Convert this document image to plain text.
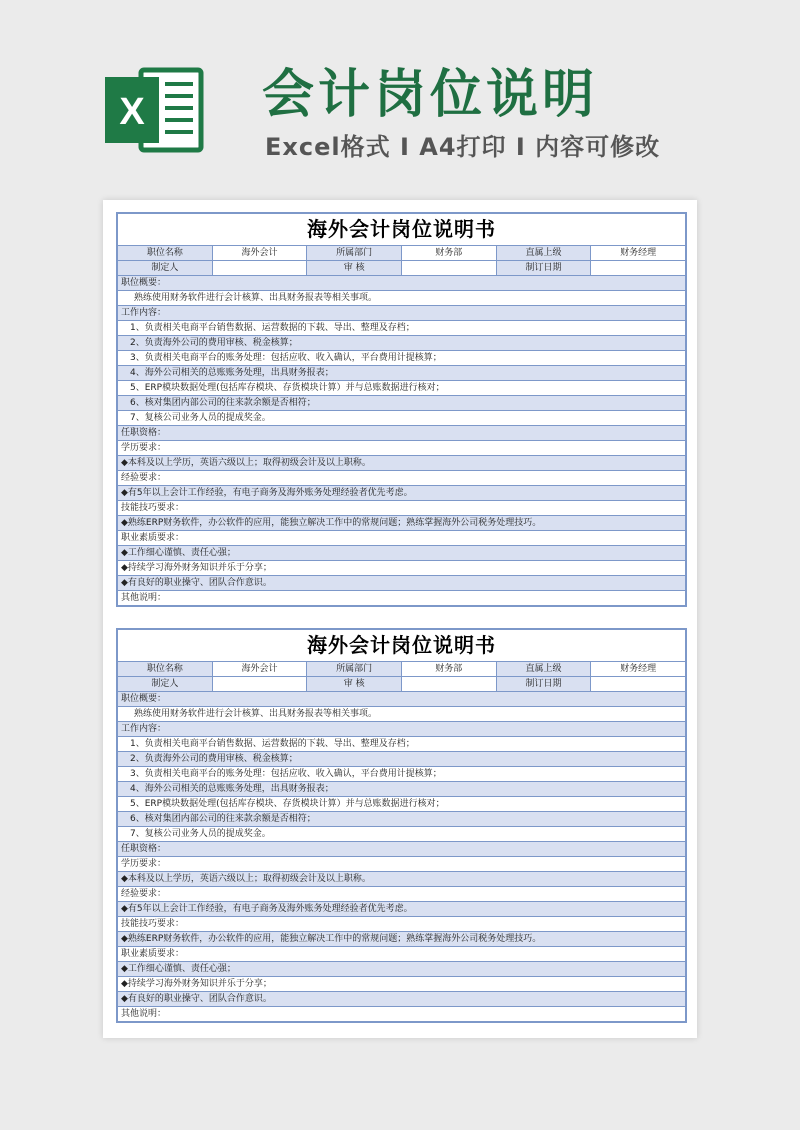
X 会计岗位说明
Excel格式 I A4打印 I 内容可修改
海外会计岗位说明书					
职位名称	海外会计	所属部门	财务部	直属上级	财务经理
制定人		审 核		制订日期	
职位概要：					
熟练使用财务软件进行会计核算、出具财务报表等相关事项。					
工作内容：					
1、负责相关电商平台销售数据、运营数据的下载、导出、整理及存档；					
2、负责海外公司的费用审核、税金核算；					
3、负责相关电商平台的账务处理：包括应收、收入确认，平台费用计提核算；					
4、海外公司相关的总账账务处理，出具财务报表；					
5、ERP模块数据处理(包括库存模块、存货模块计算）并与总账数据进行核对；					
6、核对集团内部公司的往来款余额是否相符；					
7、复核公司业务人员的提成奖金。					
任职资格：					
学历要求：					
◆本科及以上学历，英语六级以上；取得初级会计及以上职称。					
经验要求：					
◆有5年以上会计工作经验，有电子商务及海外账务处理经验者优先考虑。					
技能技巧要求：					
◆熟练ERP财务软件，办公软件的应用，能独立解决工作中的常规问题；熟练掌握海外公司税务处理技巧。					
职业素质要求：					
◆工作细心谨慎、责任心强；					
◆持续学习海外财务知识并乐于分享；					
◆有良好的职业操守、团队合作意识。					
其他说明：					
海外会计岗位说明书					
职位名称	海外会计	所属部门	财务部	直属上级	财务经理
制定人		审 核		制订日期	
职位概要：					
熟练使用财务软件进行会计核算、出具财务报表等相关事项。					
工作内容：					
1、负责相关电商平台销售数据、运营数据的下载、导出、整理及存档；					
2、负责海外公司的费用审核、税金核算；					
3、负责相关电商平台的账务处理：包括应收、收入确认，平台费用计提核算；					
4、海外公司相关的总账账务处理，出具财务报表；					
5、ERP模块数据处理(包括库存模块、存货模块计算）并与总账数据进行核对；					
6、核对集团内部公司的往来款余额是否相符；					
7、复核公司业务人员的提成奖金。					
任职资格：					
学历要求：					
◆本科及以上学历，英语六级以上；取得初级会计及以上职称。					
经验要求：					
◆有5年以上会计工作经验，有电子商务及海外账务处理经验者优先考虑。					
技能技巧要求：					
◆熟练ERP财务软件，办公软件的应用，能独立解决工作中的常规问题；熟练掌握海外公司税务处理技巧。					
职业素质要求：					
◆工作细心谨慎、责任心强；					
◆持续学习海外财务知识并乐于分享；					
◆有良好的职业操守、团队合作意识。					
其他说明：					
